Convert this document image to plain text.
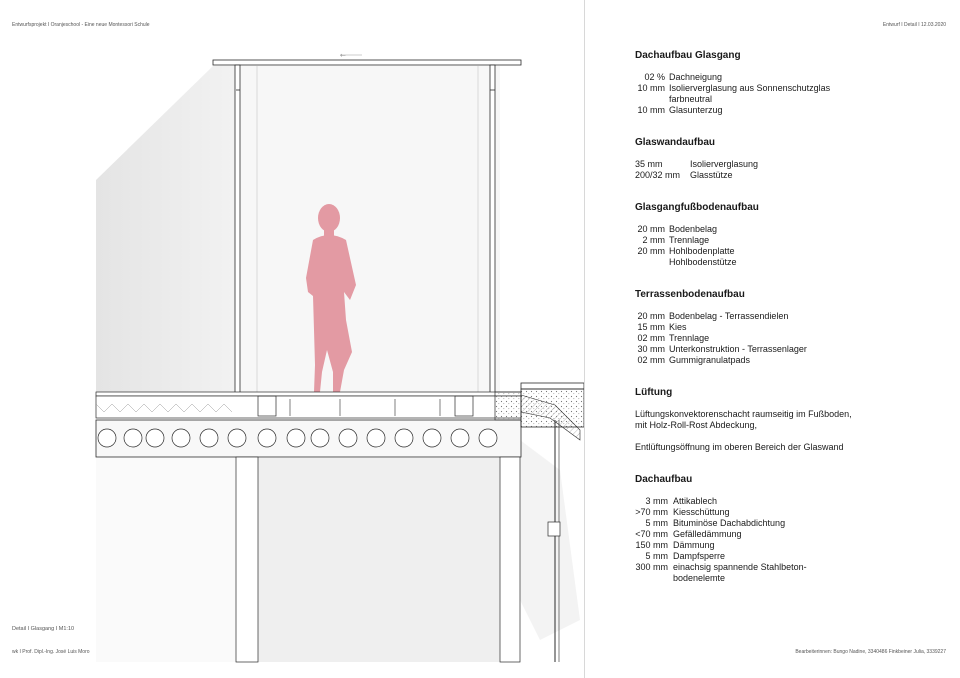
Entwurfsprojekt I Oranjeschool - Eine neue Montessori Schule	Entwurf I Detail I 12.03.2020
Detail I Glasgang I M1:10
wk I Prof. Dipl.-Ing. José Luis Moro	Bearbeiterinnen: Bungo Nadine, 3340486 Finkbeiner Julia, 3339227
←	Dachaufbau Glasgang
02 % Dachneigung
10 mm Isolierverglasung aus Sonnenschutzglas
farbneutral
10 mm Glasunterzug
Glaswandaufbau
35 mm	Isolierverglasung
200/32 mm	Glasstütze
Glasgangfußbodenaufbau
20 mm Bodenbelag
2 mm Trennlage
20 mm Hohlbodenplatte
Hohlbodenstütze
Terrassenbodenaufbau
20 mm Bodenbelag - Terrassendielen
15 mm Kies
02 mm Trennlage
30 mm Unterkonstruktion - Terrassenlager
02 mm Gummigranulatpads
Lüftung
Lüftungskonvektorenschacht raumseitig im Fußboden,
mit Holz-Roll-Rost Abdeckung,
Entlüftungsöffnung im oberen Bereich der Glaswand
Dachaufbau
3 mm Attikablech
>70 mm Kiesschüttung
5 mm Bituminöse Dachabdichtung
<70 mm Gefälledämmung
150 mm Dämmung
5 mm Dampfsperre
300 mm einachsig spannende Stahlbeton-
bodenelemte
